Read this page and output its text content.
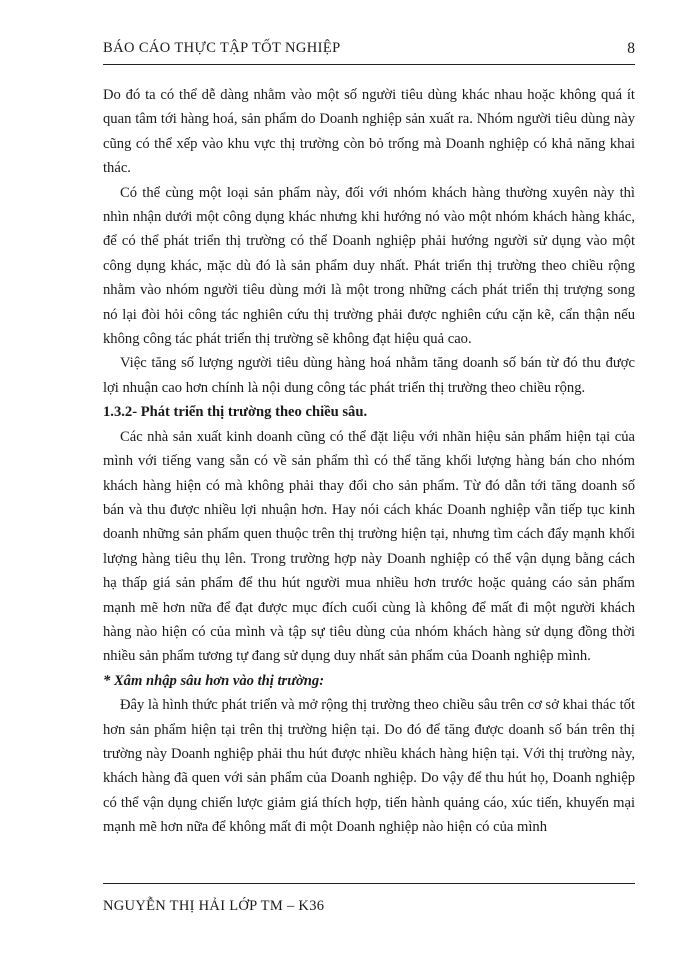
BÁO CÁO THỰC TẬP TỐT NGHIỆP	8

Do đó ta có thể dễ dàng nhằm vào một số người tiêu dùng khác nhau hoặc không quá ít quan tâm tới hàng hoá, sản phẩm do Doanh nghiệp sản xuất ra. Nhóm người tiêu dùng này cũng có thể xếp vào khu vực thị trường còn bỏ trống mà Doanh nghiệp có khả năng khai thác.

Có thể cùng một loại sản phẩm này, đối với nhóm khách hàng thường xuyên này thì nhìn nhận dưới một công dụng khác nhưng khi hướng nó vào một nhóm khách hàng khác, để có thể phát triển thị trường có thể Doanh nghiệp phải hướng người sử dụng vào một công dụng khác, mặc dù đó là sản phẩm duy nhất. Phát triển thị trường theo chiều rộng nhằm vào nhóm người tiêu dùng mới là một trong những cách phát triển thị trượng song nó lại đòi hỏi công tác nghiên cứu thị trường phải được nghiên cứu cặn kẽ, cẩn thận nếu không công tác phát triển thị trường sẽ không đạt hiệu quả cao.

Việc tăng số lượng người tiêu dùng hàng hoá nhằm tăng doanh số bán từ đó thu được lợi nhuận cao hơn chính là nội dung công tác phát triển thị trường theo chiều rộng.

1.3.2- Phát triển thị trường theo chiều sâu.

Các nhà sản xuất kinh doanh cũng có thể đặt liệu với nhãn hiệu sản phẩm hiện tại của mình với tiếng vang sẵn có về sản phẩm thì có thể tăng khối lượng hàng bán cho nhóm khách hàng hiện có mà không phải thay đổi cho sản phẩm. Từ đó dẫn tới tăng doanh số bán và thu được nhiều lợi nhuận hơn. Hay nói cách khác Doanh nghiệp vẫn tiếp tục kinh doanh những sản phẩm quen thuộc trên thị trường hiện tại, nhưng tìm cách đẩy mạnh khối lượng hàng tiêu thụ lên. Trong trường hợp này Doanh nghiệp có thể vận dụng bằng cách hạ thấp giá sản phẩm để thu hút người mua nhiều hơn trước hoặc quảng cáo sản phẩm mạnh mẽ hơn nữa để đạt được mục đích cuối cùng là không để mất đi một người khách hàng nào hiện có của mình và tập sự tiêu dùng của nhóm khách hàng sử dụng đồng thời nhiều sản phẩm tương tự đang sử dụng duy nhất sản phẩm của Doanh nghiệp mình.

* Xâm nhập sâu hơn vào thị trường:

Đây là hình thức phát triển và mở rộng thị trường theo chiều sâu trên cơ sở khai thác tốt hơn sản phẩm hiện tại trên thị trường hiện tại. Do đó để tăng được doanh số bán trên thị trường này Doanh nghiệp phải thu hút được nhiều khách hàng hiện tại. Với thị trường này, khách hàng đã quen với sản phẩm của Doanh nghiệp. Do vậy để thu hút họ, Doanh nghiệp có thể vận dụng chiến lược giảm giá thích hợp, tiến hành quảng cáo, xúc tiến, khuyến mại mạnh mẽ hơn nữa để không mất đi một Doanh nghiệp nào hiện có của mình

NGUYỄN THỊ HẢI LỚP TM – K36
